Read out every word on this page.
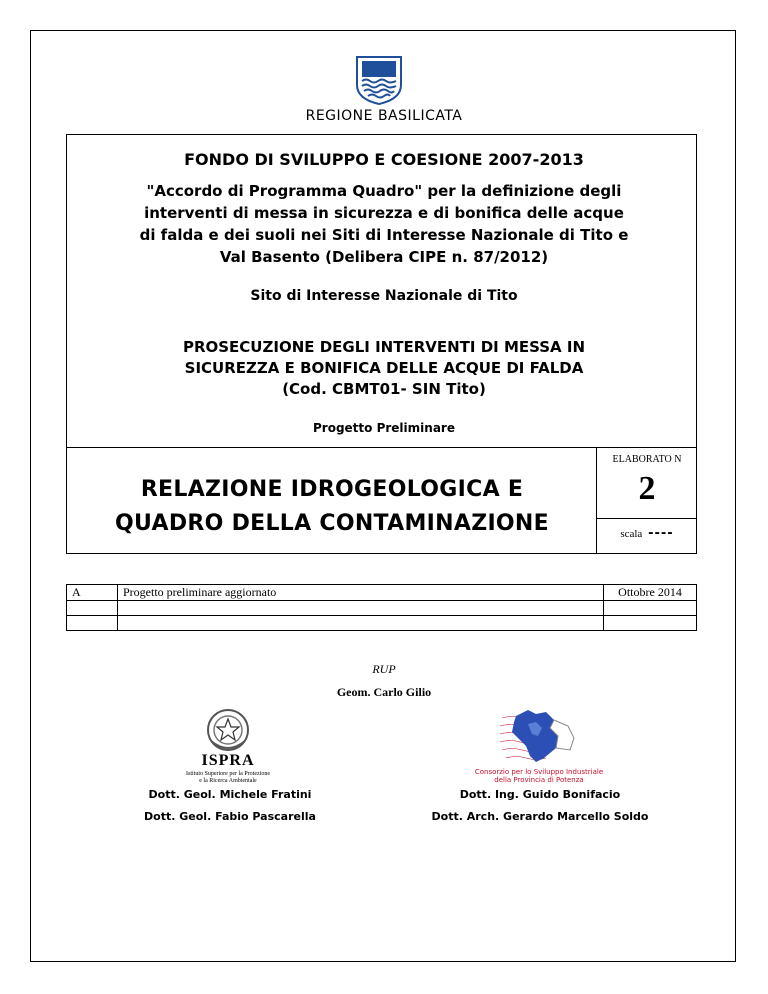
REGIONE BASILICATA
FONDO DI SVILUPPO E COESIONE 2007-2013
"Accordo di Programma Quadro" per la definizione degli
interventi di messa in sicurezza e di bonifica delle acque
di falda e dei suoli nei Siti di Interesse Nazionale di Tito e
Val Basento (Delibera CIPE n. 87/2012)
Sito di Interesse Nazionale di Tito
PROSECUZIONE DEGLI INTERVENTI DI MESSA IN
SICUREZZA E BONIFICA DELLE ACQUE DI FALDA
(Cod. CBMT01- SIN Tito)
Progetto Preliminare
RELAZIONE IDROGEOLOGICA E
QUADRO DELLA CONTAMINAZIONE
ELABORATO N
2
scala ----
A	Progetto preliminare aggiornato	Ottobre 2014

RUP
Geom. Carlo Gilio
ISPRA
Istituto Superiore per la Protezione
e la Ricerca Ambientale
Consorzio per lo Sviluppo Industriale
della Provincia di Potenza
Dott. Geol. Michele Fratini
Dott. Geol. Fabio Pascarella
Dott. Ing. Guido Bonifacio
Dott. Arch. Gerardo Marcello Soldo
